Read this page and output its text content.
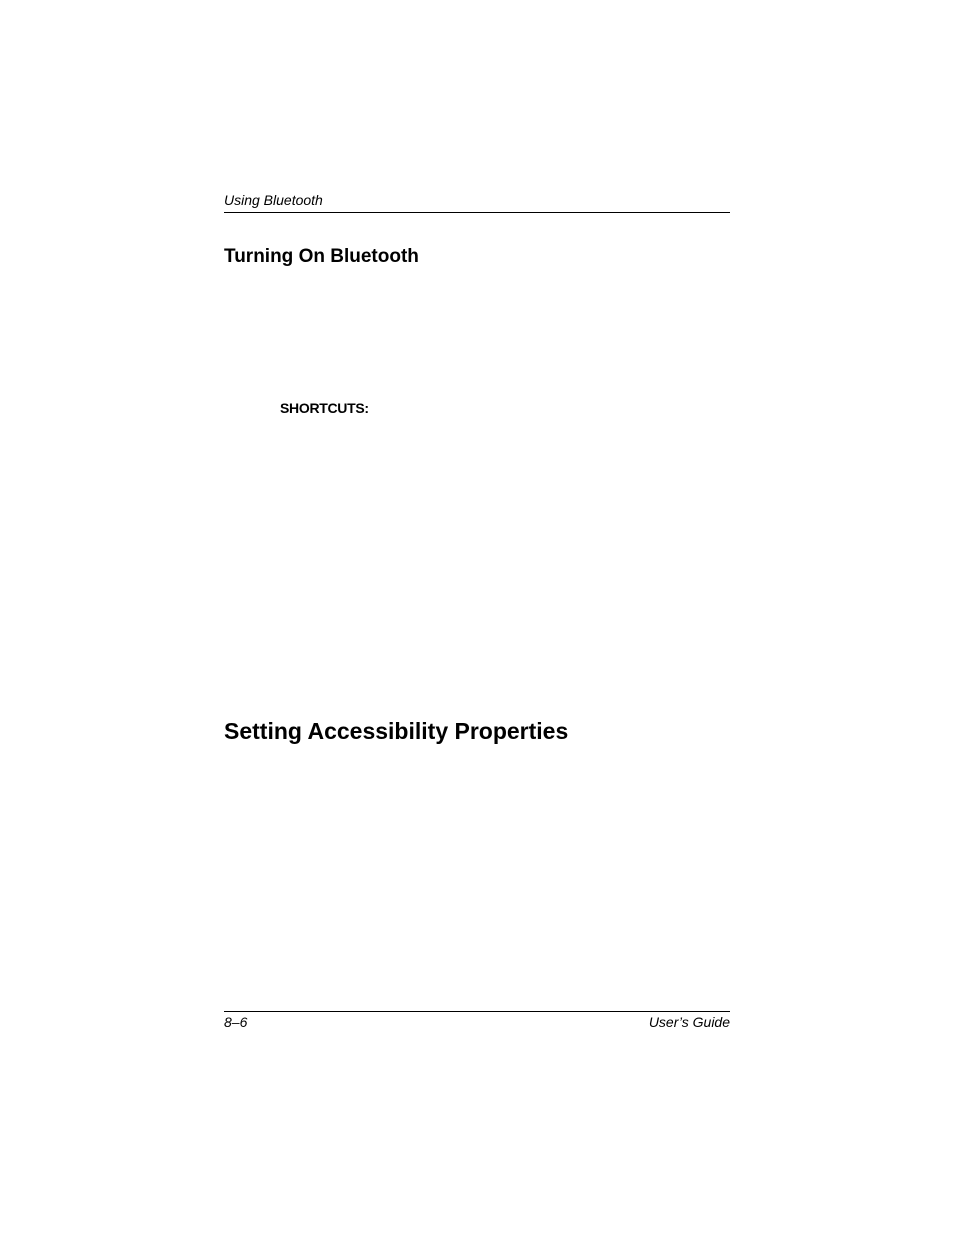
Using Bluetooth
Turning On Bluetooth
SHORTCUTS:
Setting Accessibility Properties
8–6	User’s Guide
